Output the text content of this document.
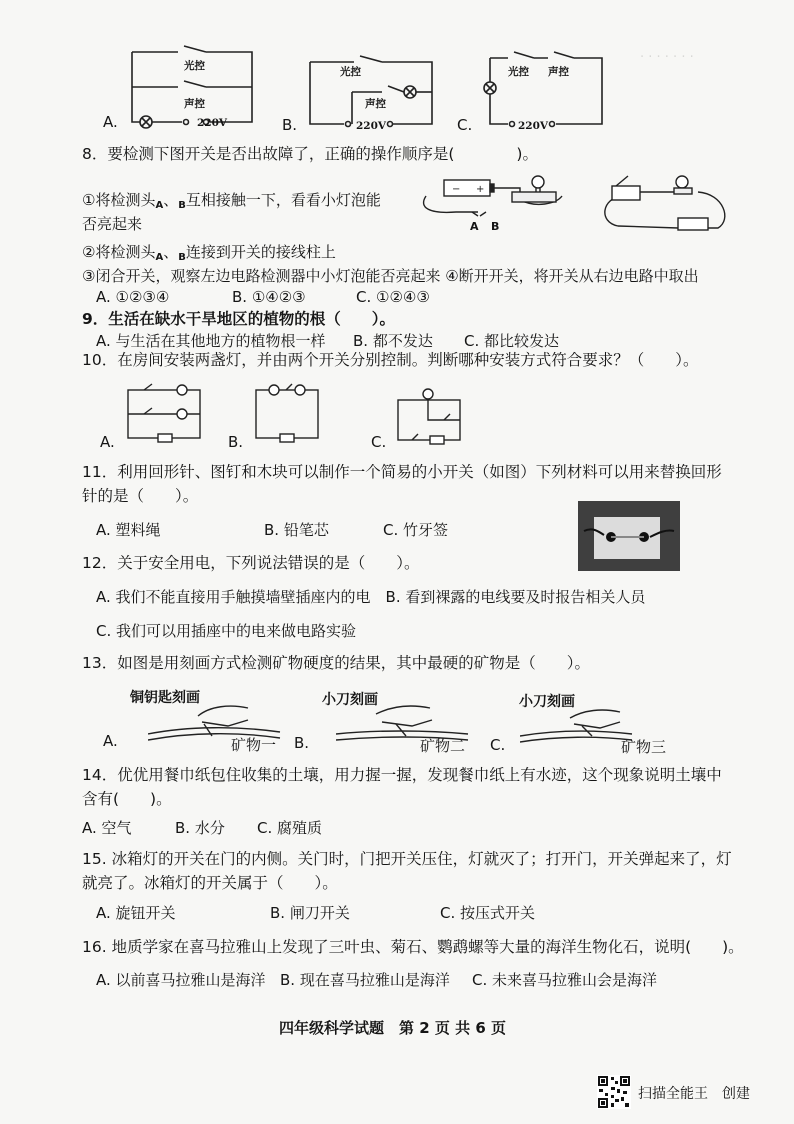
· · · · · · ·
A.	B.	C.
光控
声控
220V
光控
声控
220V
光控 声控
220V
8．要检测下图开关是否出故障了，正确的操作顺序是(　　　　)。
①将检测头$_A$、$_B$互相接触一下，看看小灯泡能
否亮起来
②将检测头$_A$、$_B$连接到开关的接线柱上
③闭合开关，观察左边电路检测器中小灯泡能否亮起来 ④断开开关，将开关从右边电路中取出
A. ①②③④	B. ①④②③	C. ①②④③
− +
A B
9．生活在缺水干旱地区的植物的根（　　）。
A. 与生活在其他地方的植物根一样 B. 都不发达 C. 都比较发达
10．在房间安装两盏灯，并由两个开关分别控制。判断哪种安装方式符合要求？（　　）。
A.	B.	C.
11．利用回形针、图钉和木块可以制作一个简易的小开关（如图）下列材料可以用来替换回形
针的是（　　）。
A. 塑料绳	B. 铅笔芯	C. 竹牙签
12．关于安全用电，下列说法错误的是（　　）。
A. 我们不能直接用手触摸墙壁插座内的电　B. 看到裸露的电线要及时报告相关人员
C. 我们可以用插座中的电来做电路实验
13．如图是用刻画方式检测矿物硬度的结果，其中最硬的矿物是（　　）。
铜钥匙刻画	小刀刻画	小刀刻画
A.	B.	C.
矿物一	矿物二	矿物三
14．优优用餐巾纸包住收集的土壤，用力握一握，发现餐巾纸上有水迹，这个现象说明土壤中
含有(　　)。
A. 空气	B. 水分 C. 腐殖质
15. 冰箱灯的开关在门的内侧。关门时，门把开关压住，灯就灭了；打开门，开关弹起来了，灯
就亮了。冰箱灯的开关属于（　　）。
A. 旋钮开关	B. 闸刀开关	C. 按压式开关
16. 地质学家在喜马拉雅山上发现了三叶虫、菊石、鹦鹉螺等大量的海洋生物化石，说明(　　)。
A. 以前喜马拉雅山是海洋 B. 现在喜马拉雅山是海洋 C. 未来喜马拉雅山会是海洋
四年级科学试题　第 2 页 共 6 页
扫描全能王　创建
